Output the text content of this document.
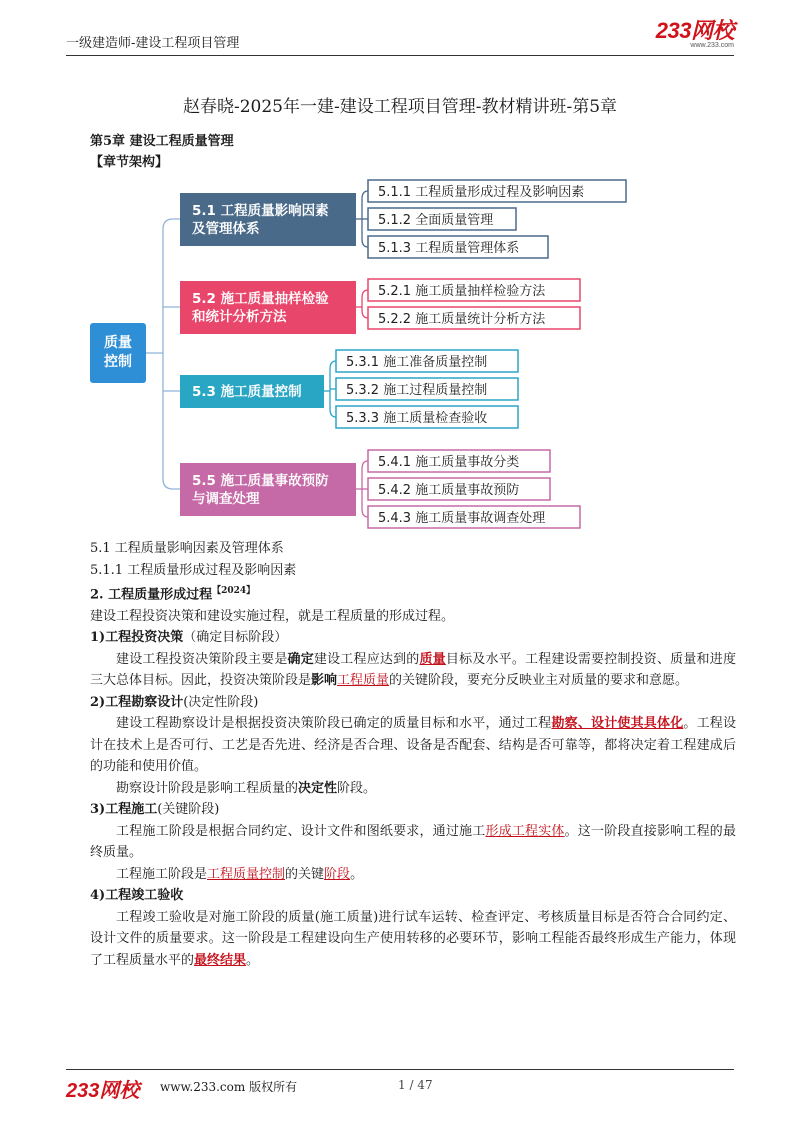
一级建造师-建设工程项目管理
233网校
www.233.com
赵春晓-2025年一建-建设工程项目管理-教材精讲班-第5章
第5章 建设工程质量管理
【章节架构】
质量
控制
5.1 工程质量影响因素
及管理体系
5.1.1 工程质量形成过程及影响因素
5.1.2 全面质量管理
5.1.3 工程质量管理体系
5.2 施工质量抽样检验
和统计分析方法
5.2.1 施工质量抽样检验方法
5.2.2 施工质量统计分析方法
5.3 施工质量控制
5.3.1 施工准备质量控制
5.3.2 施工过程质量控制
5.3.3 施工质量检查验收
5.5 施工质量事故预防
与调查处理
5.4.1 施工质量事故分类
5.4.2 施工质量事故预防
5.4.3 施工质量事故调查处理

5.1 工程质量影响因素及管理体系

5.1.1 工程质量形成过程及影响因素

2. 工程质量形成过程$^{【2024】}$

建设工程投资决策和建设实施过程，就是工程质量的形成过程。

1)工程投资决策（确定目标阶段）

建设工程投资决策阶段主要是确定建设工程应达到的质量目标及水平。工程建设需要控制投资、质量和进度三大总体目标。因此，投资决策阶段是影响工程质量的关键阶段，要充分反映业主对质量的要求和意愿。

2)工程勘察设计(决定性阶段)

建设工程勘察设计是根据投资决策阶段已确定的质量目标和水平，通过工程勘察、设计使其具体化。工程设计在技术上是否可行、工艺是否先进、经济是否合理、设备是否配套、结构是否可靠等，都将决定着工程建成后的功能和使用价值。

勘察设计阶段是影响工程质量的决定性阶段。

3)工程施工(关键阶段)

工程施工阶段是根据合同约定、设计文件和图纸要求，通过施工形成工程实体。这一阶段直接影响工程的最终质量。

工程施工阶段是工程质量控制的关键阶段。

4)工程竣工验收

工程竣工验收是对施工阶段的质量(施工质量)进行试车运转、检查评定、考核质量目标是否符合合同约定、设计文件的质量要求。这一阶段是工程建设向生产使用转移的必要环节，影响工程能否最终形成生产能力，体现了工程质量水平的最终结果。

233网校 www.233.com 版权所有	1 / 47
